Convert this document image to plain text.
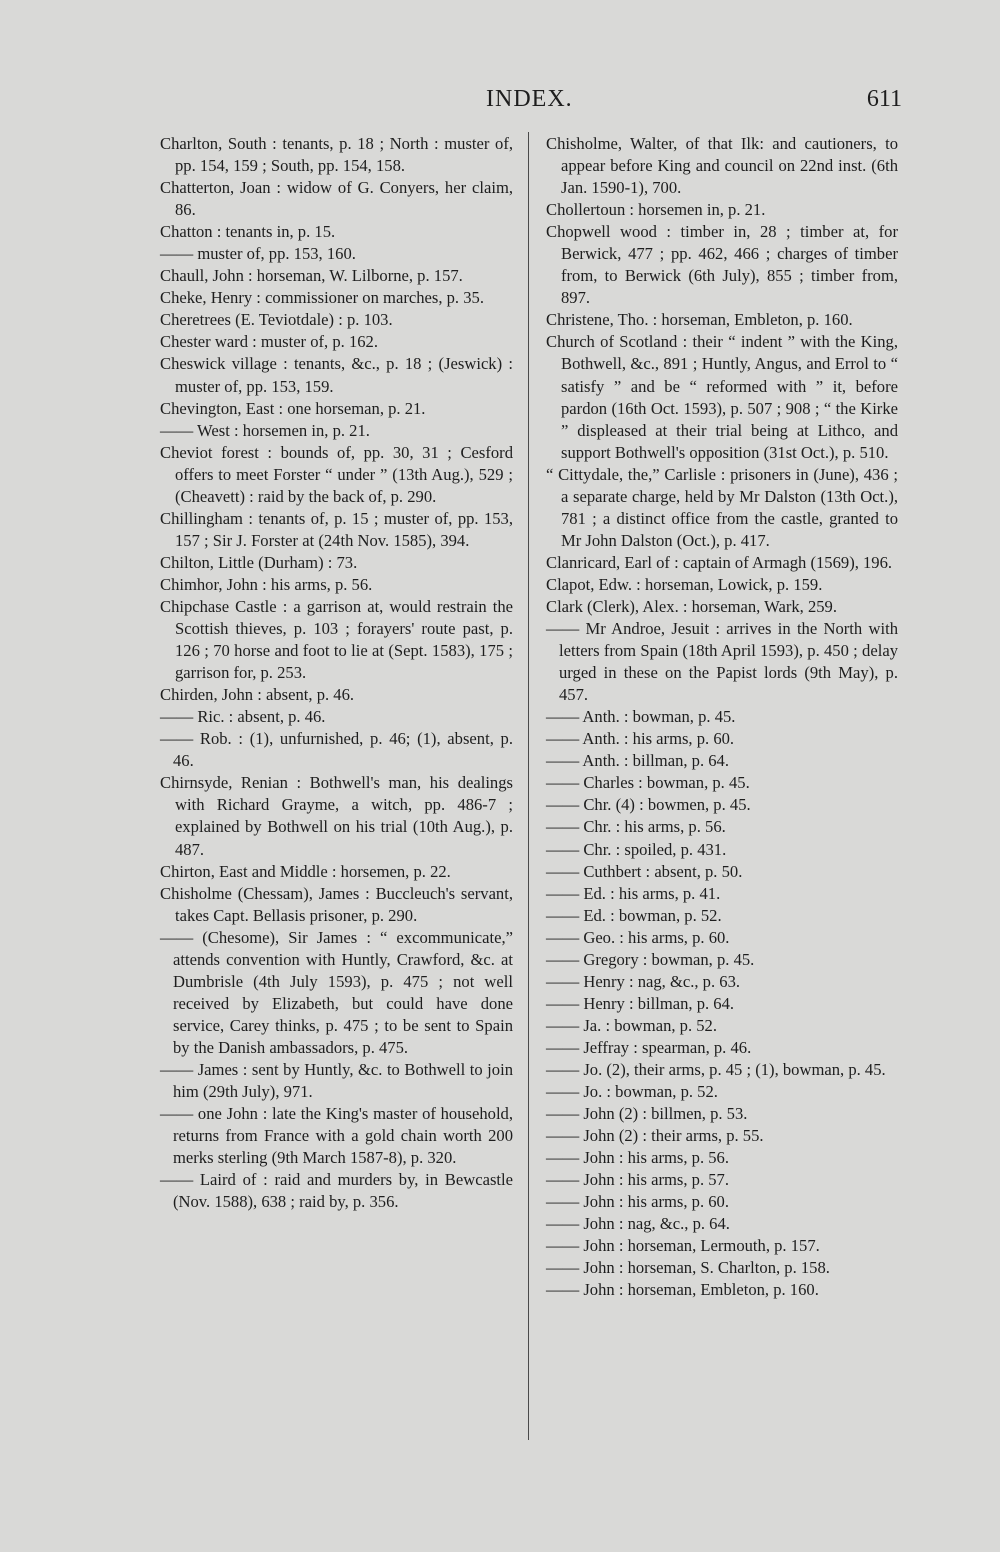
INDEX.	611

Charlton, South : tenants, p. 18 ; North : muster of, pp. 154, 159 ; South, pp. 154, 158.

Chatterton, Joan : widow of G. Conyers, her claim, 86.

Chatton : tenants in, p. 15.

—— muster of, pp. 153, 160.

Chaull, John : horseman, W. Lilborne, p. 157.

Cheke, Henry : commissioner on marches, p. 35.

Cheretrees (E. Teviotdale) : p. 103.

Chester ward : muster of, p. 162.

Cheswick village : tenants, &c., p. 18 ; (Jeswick) : muster of, pp. 153, 159.

Chevington, East : one horseman, p. 21.

—— West : horsemen in, p. 21.

Cheviot forest : bounds of, pp. 30, 31 ; Cesford offers to meet Forster “ under ” (13th Aug.), 529 ; (Cheavett) : raid by the back of, p. 290.

Chillingham : tenants of, p. 15 ; muster of, pp. 153, 157 ; Sir J. Forster at (24th Nov. 1585), 394.

Chilton, Little (Durham) : 73.

Chimhor, John : his arms, p. 56.

Chipchase Castle : a garrison at, would restrain the Scottish thieves, p. 103 ; forayers' route past, p. 126 ; 70 horse and foot to lie at (Sept. 1583), 175 ; garrison for, p. 253.

Chirden, John : absent, p. 46.

—— Ric. : absent, p. 46.

—— Rob. : (1), unfurnished, p. 46; (1), absent, p. 46.

Chirnsyde, Renian : Bothwell's man, his dealings with Richard Grayme, a witch, pp. 486-7 ; explained by Bothwell on his trial (10th Aug.), p. 487.

Chirton, East and Middle : horsemen, p. 22.

Chisholme (Chessam), James : Buccleuch's servant, takes Capt. Bellasis prisoner, p. 290.

—— (Chesome), Sir James : “ excommunicate,” attends convention with Huntly, Crawford, &c. at Dumbrisle (4th July 1593), p. 475 ; not well received by Elizabeth, but could have done service, Carey thinks, p. 475 ; to be sent to Spain by the Danish ambassadors, p. 475.

—— James : sent by Huntly, &c. to Bothwell to join him (29th July), 971.

—— one John : late the King's master of household, returns from France with a gold chain worth 200 merks sterling (9th March 1587-8), p. 320.

—— Laird of : raid and murders by, in Bewcastle (Nov. 1588), 638 ; raid by, p. 356.

Chisholme, Walter, of that Ilk: and cautioners, to appear before King and council on 22nd inst. (6th Jan. 1590-1), 700.

Chollertoun : horsemen in, p. 21.

Chopwell wood : timber in, 28 ; timber at, for Berwick, 477 ; pp. 462, 466 ; charges of timber from, to Berwick (6th July), 855 ; timber from, 897.

Christene, Tho. : horseman, Embleton, p. 160.

Church of Scotland : their “ indent ” with the King, Bothwell, &c., 891 ; Huntly, Angus, and Errol to “ satisfy ” and be “ reformed with ” it, before pardon (16th Oct. 1593), p. 507 ; 908 ; “ the Kirke ” displeased at their trial being at Lithco, and support Bothwell's opposition (31st Oct.), p. 510.

“ Cittydale, the,” Carlisle : prisoners in (June), 436 ; a separate charge, held by Mr Dalston (13th Oct.), 781 ; a distinct office from the castle, granted to Mr John Dalston (Oct.), p. 417.

Clanricard, Earl of : captain of Armagh (1569), 196.

Clapot, Edw. : horseman, Lowick, p. 159.

Clark (Clerk), Alex. : horseman, Wark, 259.

—— Mr Androe, Jesuit : arrives in the North with letters from Spain (18th April 1593), p. 450 ; delay urged in these on the Papist lords (9th May), p. 457.

—— Anth. : bowman, p. 45.

—— Anth. : his arms, p. 60.

—— Anth. : billman, p. 64.

—— Charles : bowman, p. 45.

—— Chr. (4) : bowmen, p. 45.

—— Chr. : his arms, p. 56.

—— Chr. : spoiled, p. 431.

—— Cuthbert : absent, p. 50.

—— Ed. : his arms, p. 41.

—— Ed. : bowman, p. 52.

—— Geo. : his arms, p. 60.

—— Gregory : bowman, p. 45.

—— Henry : nag, &c., p. 63.

—— Henry : billman, p. 64.

—— Ja. : bowman, p. 52.

—— Jeffray : spearman, p. 46.

—— Jo. (2), their arms, p. 45 ; (1), bowman, p. 45.

—— Jo. : bowman, p. 52.

—— John (2) : billmen, p. 53.

—— John (2) : their arms, p. 55.

—— John : his arms, p. 56.

—— John : his arms, p. 57.

—— John : his arms, p. 60.

—— John : nag, &c., p. 64.

—— John : horseman, Lermouth, p. 157.

—— John : horseman, S. Charlton, p. 158.

—— John : horseman, Embleton, p. 160.
